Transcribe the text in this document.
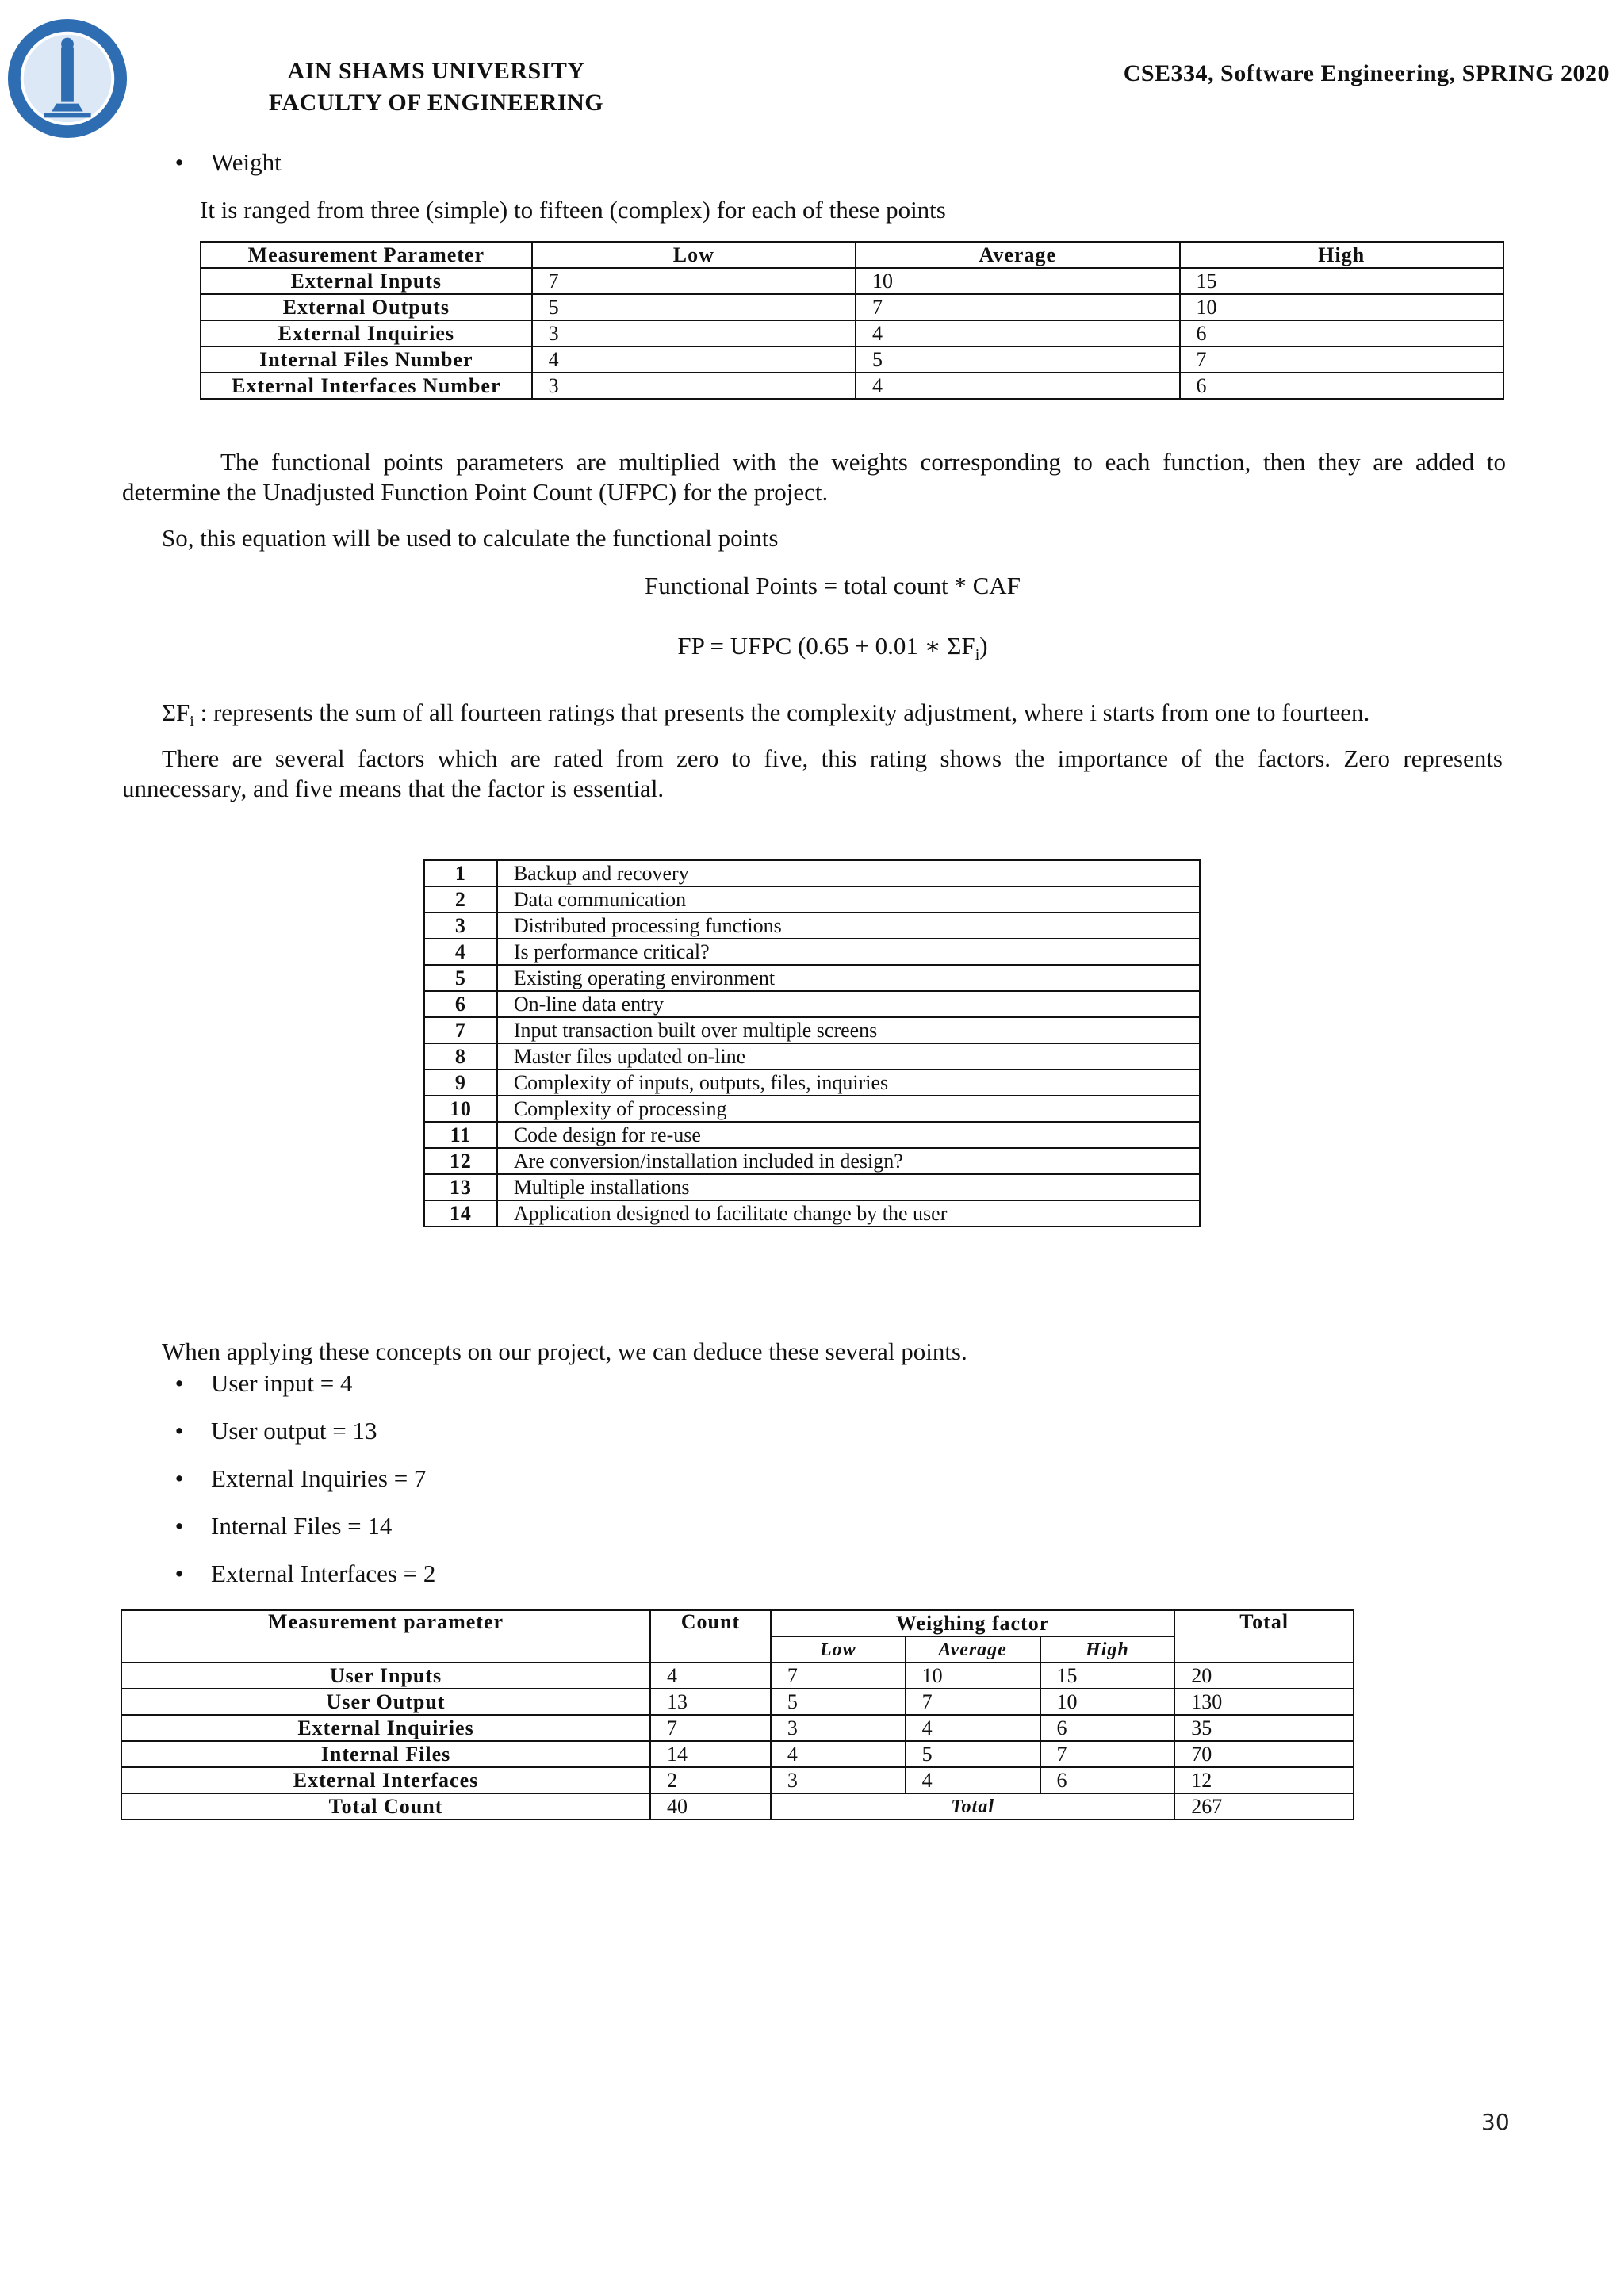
AIN SHAMS UNIVERSITY
FACULTY OF ENGINEERING
CSE334, Software Engineering, SPRING 2020
•	Weight
It is ranged from three (simple) to fifteen (complex) for each of these points
Measurement Parameter	Low	Average	High
External Inputs	7	10	15
External Outputs	5	7	10
External Inquiries	3	4	6
Internal Files Number	4	5	7
External Interfaces Number	3	4	6
The functional points parameters are multiplied with the weights corresponding to each function, then they are added to
determine the Unadjusted Function Point Count (UFPC) for the project.
So, this equation will be used to calculate the functional points
Functional Points = total count * CAF
FP = UFPC (0.65 + 0.01 ∗ $\Sigma F_i$)
$\Sigma F_i$ : represents the sum of all fourteen ratings that presents the complexity adjustment, where i starts from one to fourteen.
There are several factors which are rated from zero to five, this rating shows the importance of the factors. Zero represents
unnecessary, and five means that the factor is essential.
1	Backup and recovery
2	Data communication
3	Distributed processing functions
4	Is performance critical?
5	Existing operating environment
6	On-line data entry
7	Input transaction built over multiple screens
8	Master files updated on-line
9	Complexity of inputs, outputs, files, inquiries
10	Complexity of processing
11	Code design for re-use
12	Are conversion/installation included in design?
13	Multiple installations
14	Application designed to facilitate change by the user
When applying these concepts on our project, we can deduce these several points.
•	User input = 4
•	User output = 13
•	External Inquiries = 7
•	Internal Files = 14
•	External Interfaces = 2
Measurement parameter	Count	Weighing factor			Total
		Low	Average	High	
User Inputs	4	7	10	15	20
User Output	13	5	7	10	130
External Inquiries	7	3	4	6	35
Internal Files	14	4	5	7	70
External Interfaces	2	3	4	6	12
Total Count	40	Total			267
30
